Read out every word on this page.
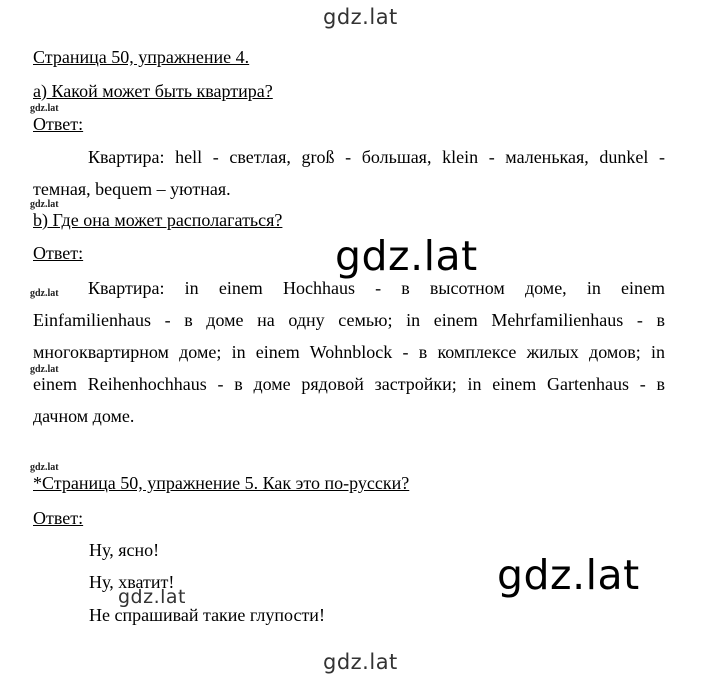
gdz.lat
gdz.lat
gdz.lat
gdz.lat
gdz.lat
gdz.lat
gdz.lat
gdz.lat
gdz.lat
gdz.lat
Страница 50, упражнение 4.
а) Какой может быть квартира?
Ответ:
Квартира: hell - светлая, groß - большая, klein - маленькая, dunkel -
темная, bequem – уютная.
b) Где она может располагаться?
Ответ:
Квартира: in einem Hochhaus - в высотном доме, in einem
Einfamilienhaus - в доме на одну семью; in einem Mehrfamilienhaus - в
многоквартирном доме; in einem Wohnblock - в комплексе жилых домов; in
einem Reihenhochhaus - в доме рядовой застройки; in einem Gartenhaus - в
дачном доме.
*Страница 50, упражнение 5. Как это по-русски?
Ответ:
Ну, ясно!
Ну, хватит!
Не спрашивай такие глупости!
